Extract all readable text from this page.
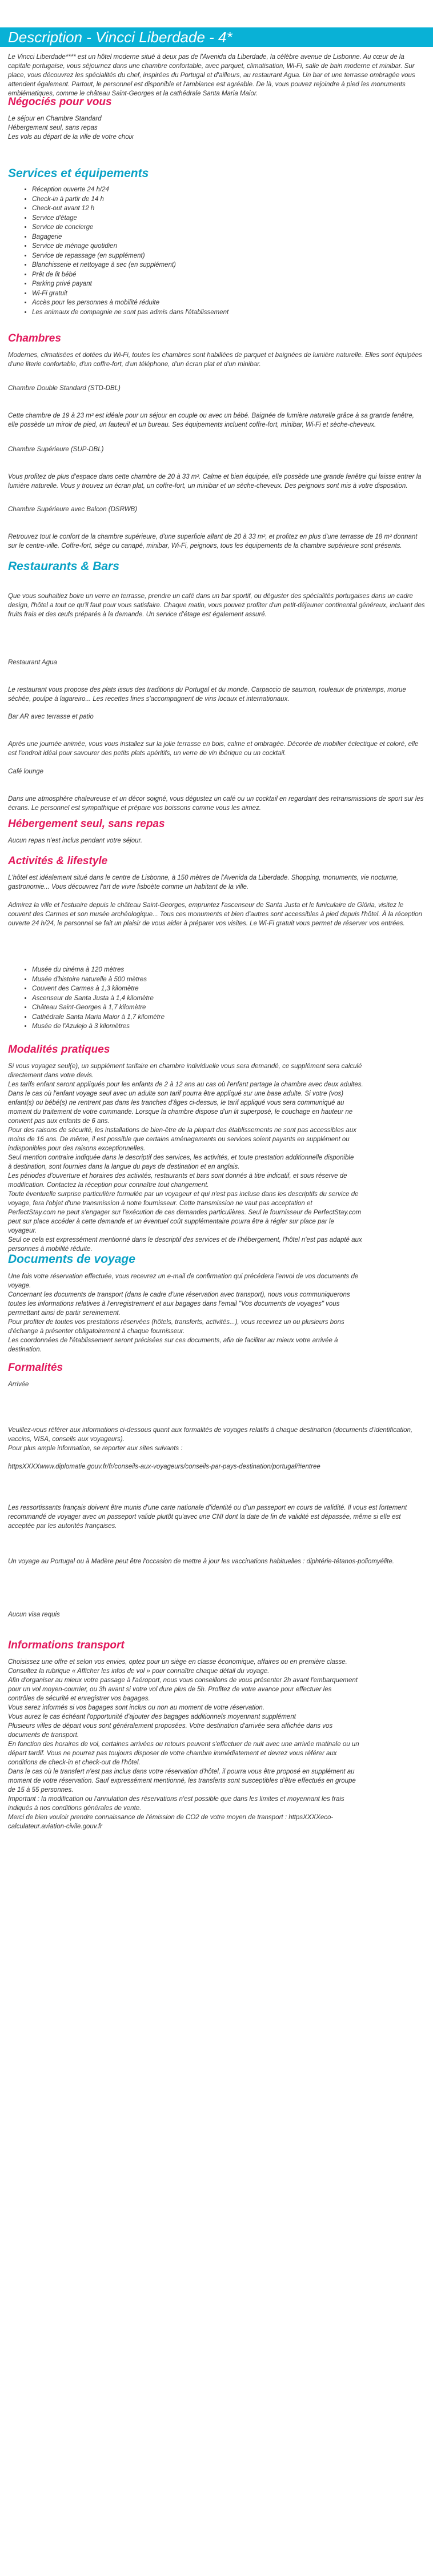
Description - Vincci Liberdade - 4*

Le Vincci Liberdade**** est un hôtel moderne situé à deux pas de l'Avenida da Liberdade, la célèbre avenue de Lisbonne. Au cœur de la capitale portugaise, vous séjournez dans une chambre confortable, avec parquet, climatisation, Wi-Fi, salle de bain moderne et minibar. Sur place, vous découvrez les spécialités du chef, inspirées du Portugal et d'ailleurs, au restaurant Agua. Un bar et une terrasse ombragée vous attendent également. Partout, le personnel est disponible et l'ambiance est agréable. De là, vous pouvez rejoindre à pied les monuments emblématiques, comme le château Saint-Georges et la cathédrale Santa Maria Maior.

Négociés pour vous

Le séjour en Chambre Standard

Hébergement seul, sans repas

Les vols au départ de la ville de votre choix

Services et équipements
• Réception ouverte 24 h/24
• Check-in à partir de 14 h
• Check-out avant 12 h
• Service d'étage
• Service de concierge
• Bagagerie
• Service de ménage quotidien
• Service de repassage (en supplément)
• Blanchisserie et nettoyage à sec (en supplément)
• Prêt de lit bébé
• Parking privé payant
• Wi-Fi gratuit
• Accès pour les personnes à mobilité réduite
• Les animaux de compagnie ne sont pas admis dans l'établissement
Chambres

Modernes, climatisées et dotées du Wi-Fi, toutes les chambres sont habillées de parquet et baignées de lumière naturelle. Elles sont équipées d'une literie confortable, d'un coffre-fort, d'un téléphone, d'un écran plat et d'un minibar.

Chambre Double Standard (STD-DBL)

Cette chambre de 19 à 23 m² est idéale pour un séjour en couple ou avec un bébé. Baignée de lumière naturelle grâce à sa grande fenêtre, elle possède un miroir de pied, un fauteuil et un bureau. Ses équipements incluent coffre-fort, minibar, Wi-Fi et sèche-cheveux.

Chambre Supérieure (SUP-DBL)

Vous profitez de plus d'espace dans cette chambre de 20 à 33 m². Calme et bien équipée, elle possède une grande fenêtre qui laisse entrer la lumière naturelle. Vous y trouvez un écran plat, un coffre-fort, un minibar et un sèche-cheveux. Des peignoirs sont mis à votre disposition.

Chambre Supérieure avec Balcon (DSRWB)

Retrouvez tout le confort de la chambre supérieure, d'une superficie allant de 20 à 33 m², et profitez en plus d'une terrasse de 18 m² donnant sur le centre-ville. Coffre-fort, siège ou canapé, minibar, Wi-Fi, peignoirs, tous les équipements de la chambre supérieure sont présents.

Restaurants & Bars

Que vous souhaitiez boire un verre en terrasse, prendre un café dans un bar sportif, ou déguster des spécialités portugaises dans un cadre design, l'hôtel a tout ce qu'il faut pour vous satisfaire. Chaque matin, vous pouvez profiter d'un petit-déjeuner continental généreux, incluant des fruits frais et des œufs préparés à la demande. Un service d'étage est également assuré.

Restaurant Agua

Le restaurant vous propose des plats issus des traditions du Portugal et du monde. Carpaccio de saumon, rouleaux de printemps, morue séchée, poulpe à lagareiro... Les recettes fines s'accompagnent de vins locaux et internationaux.

Bar AR avec terrasse et patio

Après une journée animée, vous vous installez sur la jolie terrasse en bois, calme et ombragée. Décorée de mobilier éclectique et coloré, elle est l'endroit idéal pour savourer des petits plats apéritifs, un verre de vin ibérique ou un cocktail.

Café lounge

Dans une atmosphère chaleureuse et un décor soigné, vous dégustez un café ou un cocktail en regardant des retransmissions de sport sur les écrans. Le personnel est sympathique et prépare vos boissons comme vous les aimez.

Hébergement seul, sans repas

Aucun repas n'est inclus pendant votre séjour.

Activités & lifestyle

L'hôtel est idéalement situé dans le centre de Lisbonne, à 150 mètres de l'Avenida da Liberdade. Shopping, monuments, vie nocturne, gastronomie... Vous découvrez l'art de vivre lisboète comme un habitant de la ville.

Admirez la ville et l'estuaire depuis le château Saint-Georges, empruntez l'ascenseur de Santa Justa et le funiculaire de Glória, visitez le couvent des Carmes et son musée archéologique... Tous ces monuments et bien d'autres sont accessibles à pied depuis l'hôtel. À la réception ouverte 24 h/24, le personnel se fait un plaisir de vous aider à préparer vos visites. Le Wi-Fi gratuit vous permet de réserver vos entrées.

• Musée du cinéma à 120 mètres
• Musée d'histoire naturelle à 500 mètres
• Couvent des Carmes à 1,3 kilomètre
• Ascenseur de Santa Justa à 1,4 kilomètre
• Château Saint-Georges à 1,7 kilomètre
• Cathédrale Santa Maria Maior à 1,7 kilomètre
• Musée de l'Azulejo à 3 kilomètres
Modalités pratiques

Si vous voyagez seul(e), un supplément tarifaire en chambre individuelle vous sera demandé, ce supplément sera calculé

directement dans votre devis.

Les tarifs enfant seront appliqués pour les enfants de 2 à 12 ans au cas où l'enfant partage la chambre avec deux adultes.

Dans le cas où l'enfant voyage seul avec un adulte son tarif pourra être appliqué sur une base adulte. Si votre (vos)

enfant(s) ou bébé(s) ne rentrent pas dans les tranches d'âges ci-dessus, le tarif appliqué vous sera communiqué au

moment du traitement de votre commande. Lorsque la chambre dispose d'un lit superposé, le couchage en hauteur ne

convient pas aux enfants de 6 ans.

Pour des raisons de sécurité, les installations de bien-être de la plupart des établissements ne sont pas accessibles aux

moins de 16 ans. De même, il est possible que certains aménagements ou services soient payants en supplément ou

indisponibles pour des raisons exceptionnelles.

Seul mention contraire indiquée dans le descriptif des services, les activités, et toute prestation additionnelle disponible

à destination, sont fournies dans la langue du pays de destination et en anglais.

Les périodes d'ouverture et horaires des activités, restaurants et bars sont donnés à titre indicatif, et sous réserve de

modification. Contactez la réception pour connaître tout changement.

Toute éventuelle surprise particulière formulée par un voyageur et qui n'est pas incluse dans les descriptifs du service de

voyage, fera l'objet d'une transmission à notre fournisseur. Cette transmission ne vaut pas acceptation et

PerfectStay.com ne peut s'engager sur l'exécution de ces demandes particulières. Seul le fournisseur de PerfectStay.com

peut sur place accéder à cette demande et un éventuel coût supplémentaire pourra être à régler sur place par le

voyageur.

Seul ce cela est expressément mentionné dans le descriptif des services et de l'hébergement, l'hôtel n'est pas adapté aux

personnes à mobilité réduite.

Documents de voyage

Une fois votre réservation effectuée, vous recevrez un e-mail de confirmation qui précédera l'envoi de vos documents de

voyage.

Concernant les documents de transport (dans le cadre d'une réservation avec transport), nous vous communiquerons

toutes les informations relatives à l'enregistrement et aux bagages dans l'email "Vos documents de voyages" vous

permettant ainsi de partir sereinement.

Pour profiter de toutes vos prestations réservées (hôtels, transferts, activités...), vous recevrez un ou plusieurs bons

d'échange à présenter obligatoirement à chaque fournisseur.

Les coordonnées de l'établissement seront précisées sur ces documents, afin de faciliter au mieux votre arrivée à

destination.

Formalités

Arrivée

Veuillez-vous référer aux informations ci-dessous quant aux formalités de voyages relatifs à chaque destination (documents d'identification, vaccins, VISA, conseils aux voyageurs).

Pour plus ample information, se reporter aux sites suivants :

httpsXXXXwww.diplomatie.gouv.fr/fr/conseils-aux-voyageurs/conseils-par-pays-destination/portugal/#entree

Les ressortissants français doivent être munis d'une carte nationale d'identité ou d'un passeport en cours de validité. Il vous est fortement recommandé de voyager avec un passeport valide plutôt qu'avec une CNI dont la date de fin de validité est dépassée, même si elle est acceptée par les autorités françaises.

Un voyage au Portugal ou à Madère peut être l'occasion de mettre à jour les vaccinations habituelles : diphtérie-tétanos-poliomyélite.

Aucun visa requis

Informations transport

Choisissez une offre et selon vos envies, optez pour un siège en classe économique, affaires ou en première classe.

Consultez la rubrique « Afficher les infos de vol » pour connaître chaque détail du voyage.

Afin d'organiser au mieux votre passage à l'aéroport, nous vous conseillons de vous présenter 2h avant l'embarquement

pour un vol moyen-courrier, ou 3h avant si votre vol dure plus de 5h. Profitez de votre avance pour effectuer les

contrôles de sécurité et enregistrer vos bagages.

Vous serez informés si vos bagages sont inclus ou non au moment de votre réservation.

Vous aurez le cas échéant l'opportunité d'ajouter des bagages additionnels moyennant supplément

Plusieurs villes de départ vous sont généralement proposées. Votre destination d'arrivée sera affichée dans vos

documents de transport.

En fonction des horaires de vol, certaines arrivées ou retours peuvent s'effectuer de nuit avec une arrivée matinale ou un

départ tardif. Vous ne pourrez pas toujours disposer de votre chambre immédiatement et devrez vous référer aux

conditions de check-in et check-out de l'hôtel.

Dans le cas où le transfert n'est pas inclus dans votre réservation d'hôtel, il pourra vous être proposé en supplément au

moment de votre réservation. Sauf expressément mentionné, les transferts sont susceptibles d'être effectués en groupe

de 15 à 55 personnes.

Important : la modification ou l'annulation des réservations n'est possible que dans les limites et moyennant les frais

indiqués à nos conditions générales de vente.

Merci de bien vouloir prendre connaissance de l'émission de CO2 de votre moyen de transport : httpsXXXXeco-

calculateur.aviation-civile.gouv.fr
